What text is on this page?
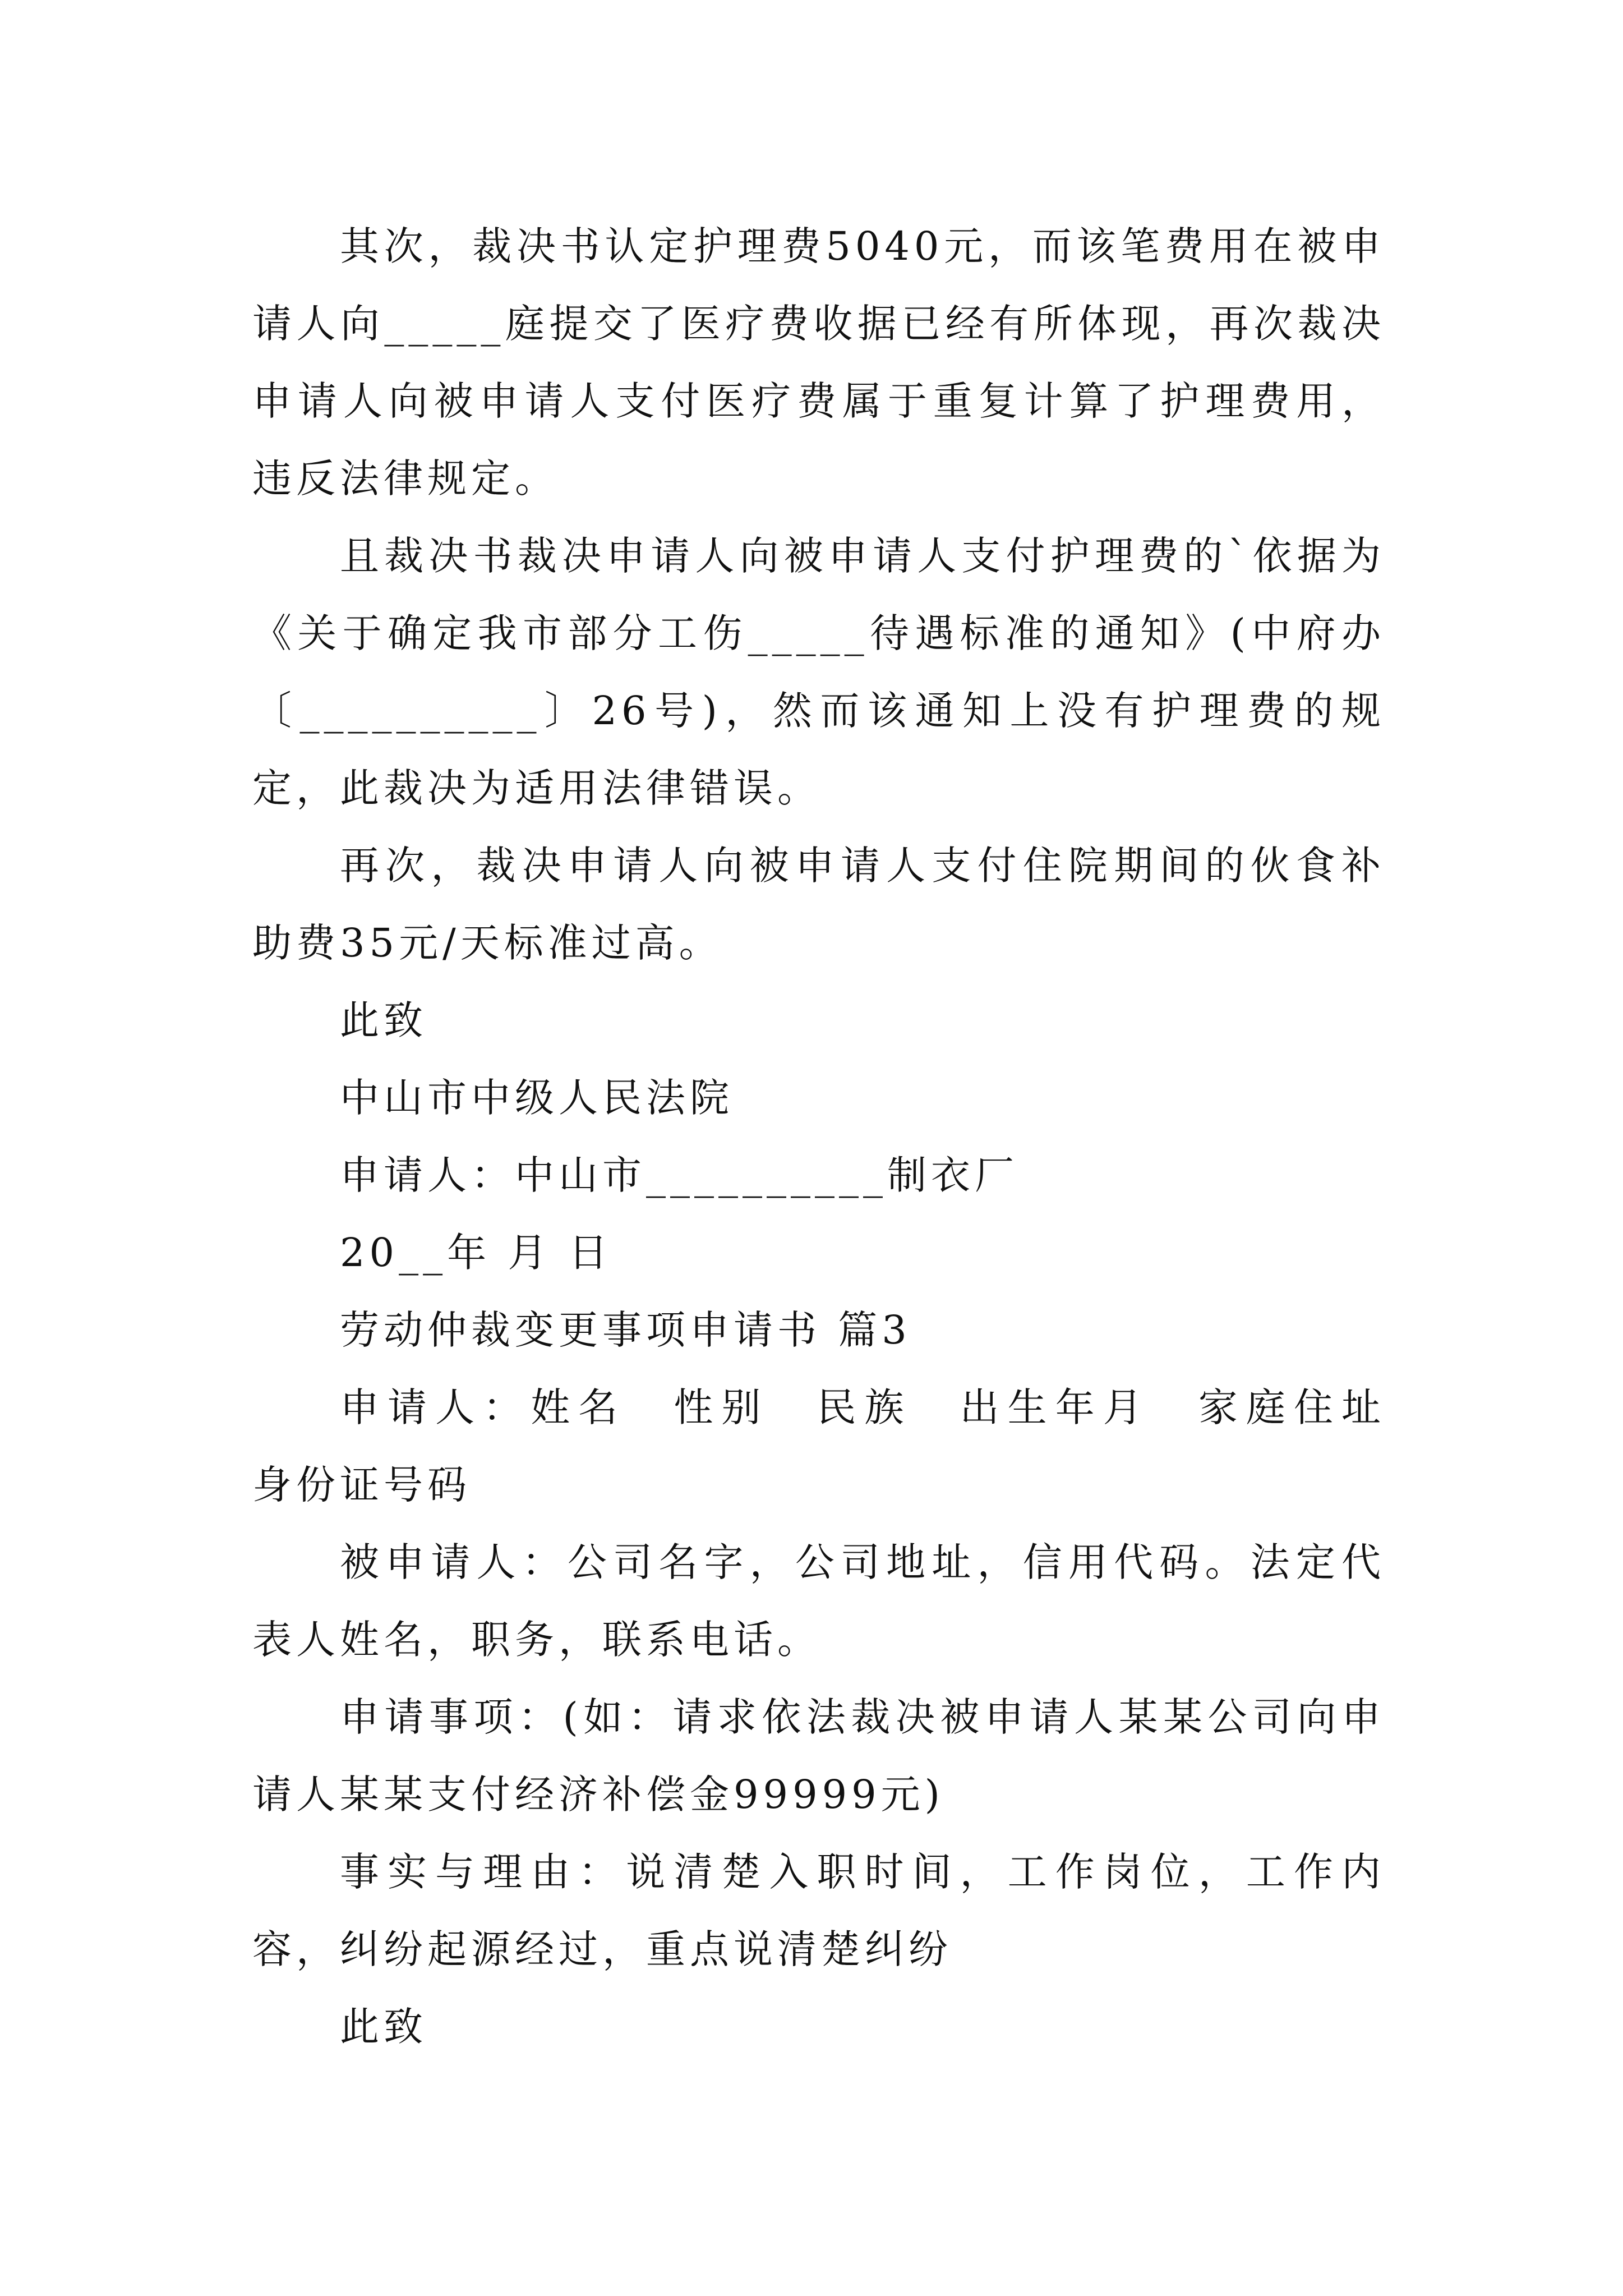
其次，裁决书认定护理费5040元，而该笔费用在被申请人向_____庭提交了医疗费收据已经有所体现，再次裁决申请人向被申请人支付医疗费属于重复计算了护理费用，违反法律规定。

且裁决书裁决申请人向被申请人支付护理费的`依据为《关于确定我市部分工伤_____待遇标准的通知》(中府办〔__________〕26号)，然而该通知上没有护理费的规定，此裁决为适用法律错误。

再次，裁决申请人向被申请人支付住院期间的伙食补助费35元/天标准过高。

此致

中山市中级人民法院

申请人：中山市__________制衣厂

20__年 月 日

劳动仲裁变更事项申请书 篇3

申请人：姓名　性别　民族　出生年月　家庭住址　身份证号码

被申请人：公司名字，公司地址，信用代码。法定代表人姓名，职务，联系电话。

申请事项：(如：请求依法裁决被申请人某某公司向申请人某某支付经济补偿金99999元)

事实与理由：说清楚入职时间，工作岗位，工作内容，纠纷起源经过，重点说清楚纠纷

此致
